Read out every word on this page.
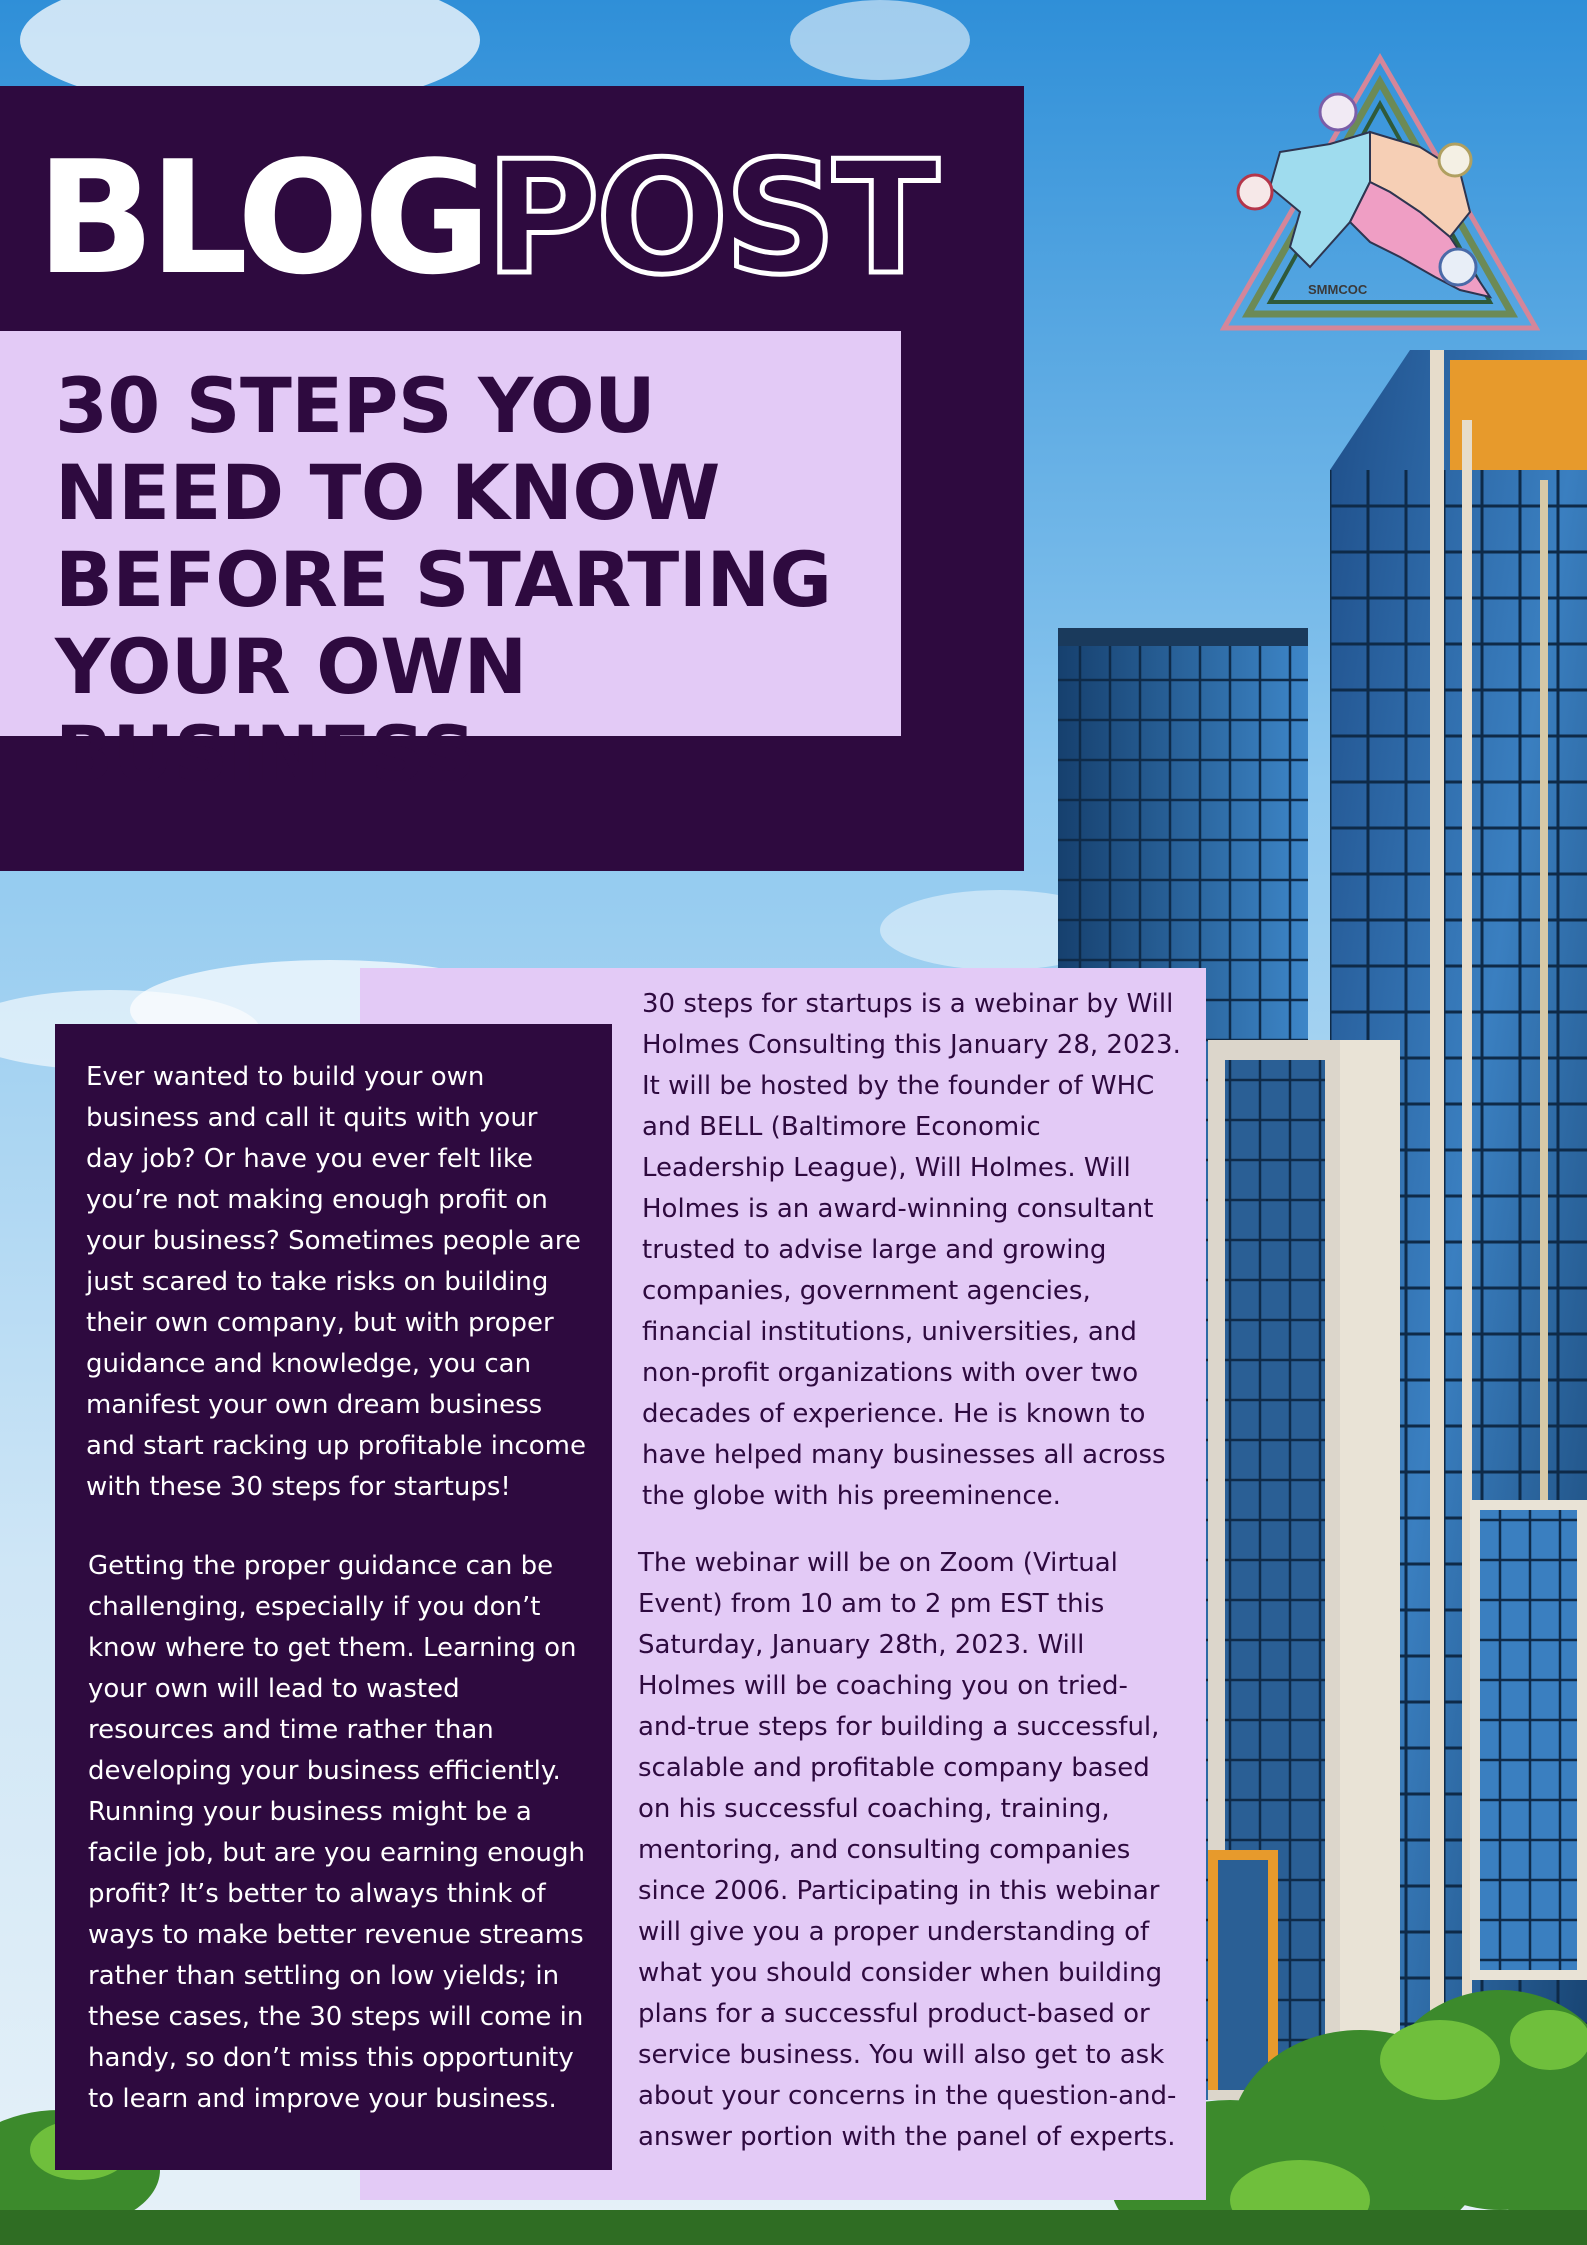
BLOGPOST
30 STEPS YOU NEED TO KNOW BEFORE STARTING YOUR OWN BUSINESS
SMMCOC

Ever wanted to build your own business and call it quits with your day job? Or have you ever felt like you’re not making enough profit on your business? Sometimes people are just scared to take risks on building their own company, but with proper guidance and knowledge, you can manifest your own dream business and start racking up profitable income with these 30 steps for startups!

Getting the proper guidance can be challenging, especially if you don’t know where to get them. Learning on your own will lead to wasted resources and time rather than developing your business efficiently. Running your business might be a facile job, but are you earning enough profit? It’s better to always think of ways to make better revenue streams rather than settling on low yields; in these cases, the 30 steps will come in handy, so don’t miss this opportunity to learn and improve your business.

30 steps for startups is a webinar by Will Holmes Consulting this January 28, 2023. It will be hosted by the founder of WHC and BELL (Baltimore Economic Leadership League), Will Holmes. Will Holmes is an award-winning consultant trusted to advise large and growing companies, government agencies, financial institutions, universities, and non-profit organizations with over two decades of experience. He is known to have helped many businesses all across the globe with his preeminence.

The webinar will be on Zoom (Virtual Event) from 10 am to 2 pm EST this Saturday, January 28th, 2023. Will Holmes will be coaching you on tried-and-true steps for building a successful, scalable and profitable company based on his successful coaching, training, mentoring, and consulting companies since 2006. Participating in this webinar will give you a proper understanding of what you should consider when building plans for a successful product-based or service business. You will also get to ask about your concerns in the question-and-answer portion with the panel of experts.
